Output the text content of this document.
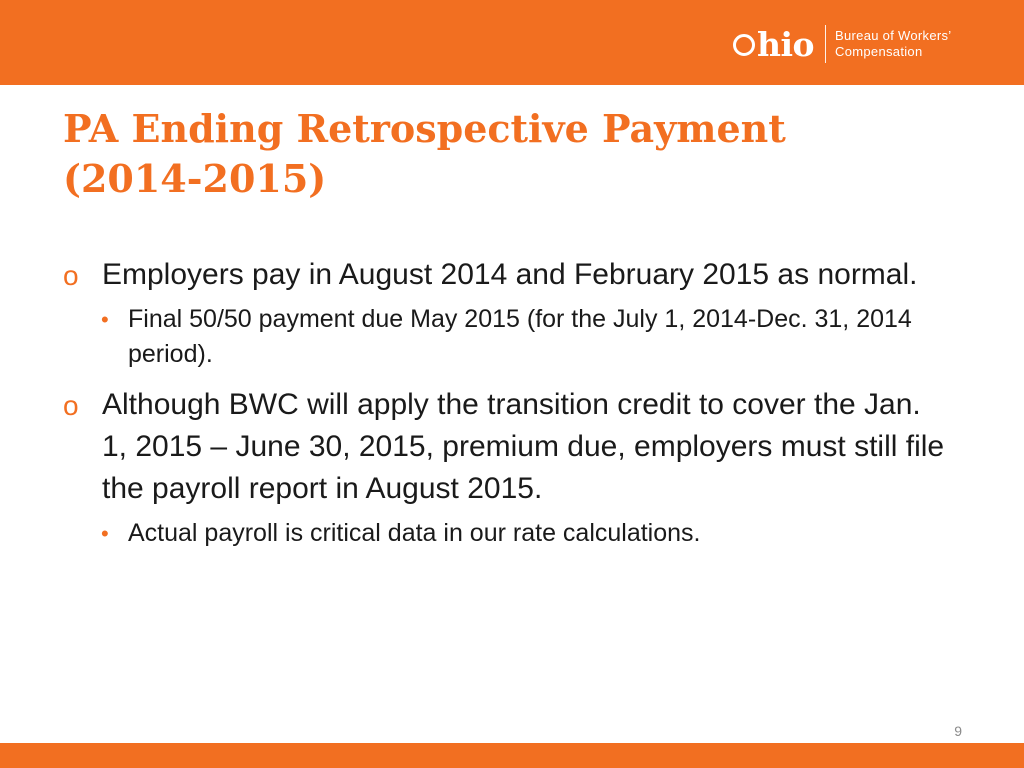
hio Bureau of Workers’
Compensation
PA Ending Retrospective Payment
(2014-2015)
o Employers pay in August 2014 and February 2015 as normal.
• Final 50/50 payment due May 2015 (for the July 1, 2014-Dec. 31, 2014 period).
o Although BWC will apply the transition credit to cover the Jan. 1, 2015 – June 30, 2015, premium due, employers must still file the payroll report in August 2015.
• Actual payroll is critical data in our rate calculations.
9
